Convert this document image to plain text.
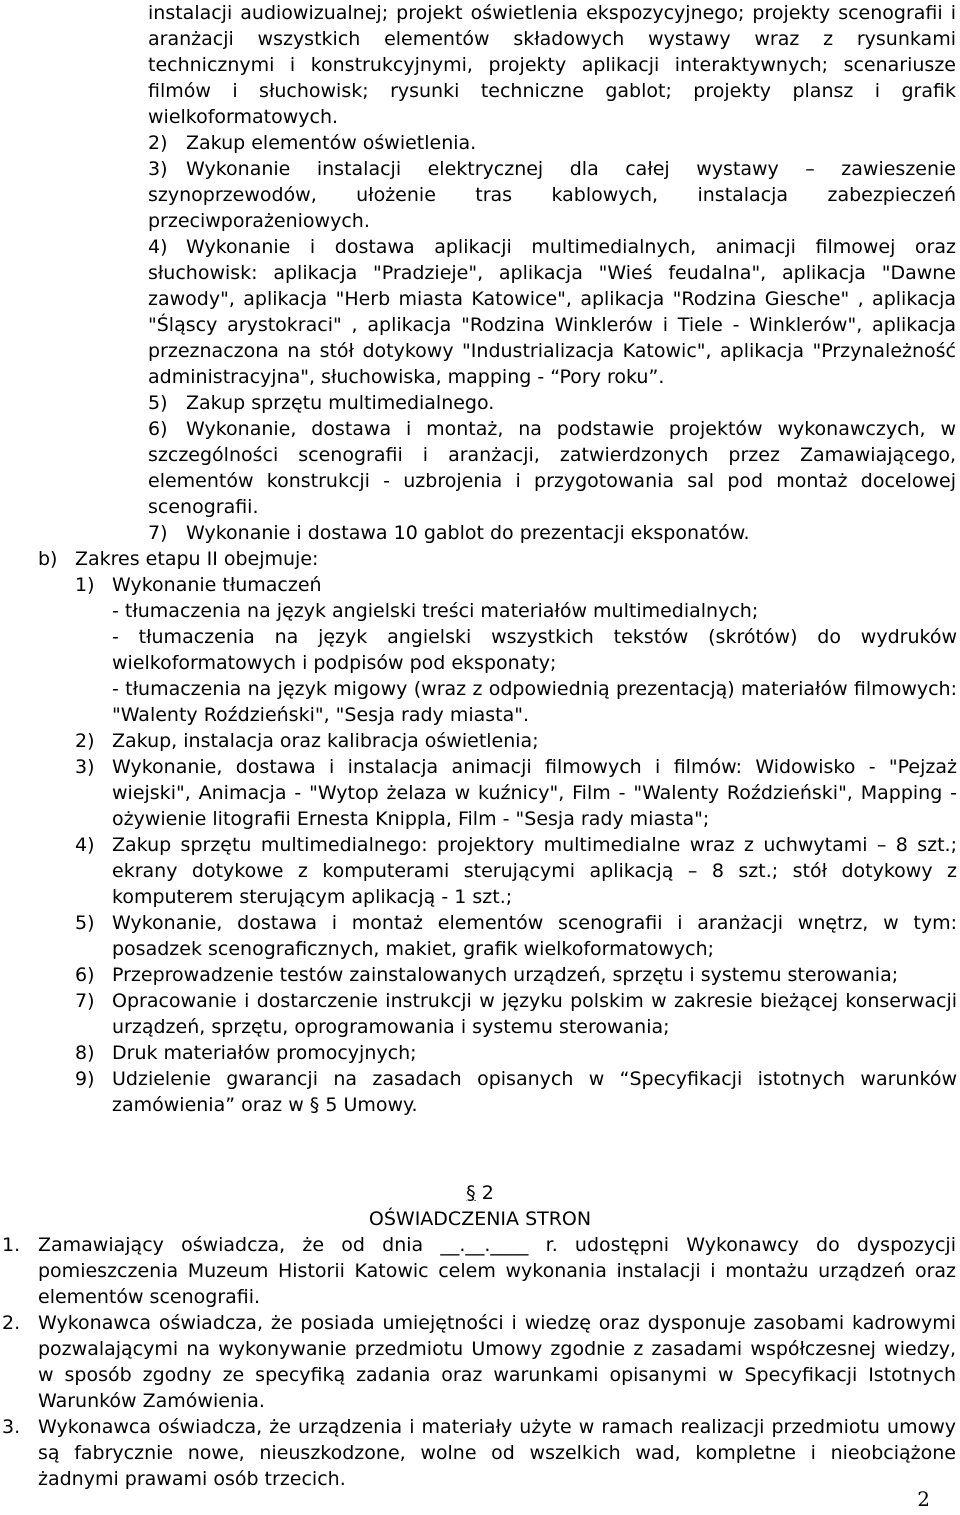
instalacji audiowizualnej; projekt oświetlenia ekspozycyjnego; projekty scenografii i aranżacji wszystkich elementów składowych wystawy wraz z rysunkami technicznymi i konstrukcyjnymi, projekty aplikacji interaktywnych; scenariusze filmów i słuchowisk; rysunki techniczne gablot; projekty plansz i grafik wielkoformatowych.
2) Zakup elementów oświetlenia.
3) Wykonanie instalacji elektrycznej dla całej wystawy – zawieszenie szynoprzewodów, ułożenie tras kablowych, instalacja zabezpieczeń przeciwporażeniowych.
4) Wykonanie i dostawa aplikacji multimedialnych, animacji filmowej oraz słuchowisk: aplikacja "Pradzieje", aplikacja "Wieś feudalna", aplikacja "Dawne zawody", aplikacja "Herb miasta Katowice", aplikacja "Rodzina Giesche" , aplikacja "Śląscy arystokraci" , aplikacja "Rodzina Winklerów i Tiele - Winklerów", aplikacja przeznaczona na stół dotykowy "Industrializacja Katowic", aplikacja "Przynależność administracyjna", słuchowiska, mapping - “Pory roku”.
5) Zakup sprzętu multimedialnego.
6) Wykonanie, dostawa i montaż, na podstawie projektów wykonawczych, w szczególności scenografii i aranżacji, zatwierdzonych przez Zamawiającego, elementów konstrukcji - uzbrojenia i przygotowania sal pod montaż docelowej scenografii.
7) Wykonanie i dostawa 10 gablot do prezentacji eksponatów.
b) Zakres etapu II obejmuje:
1) Wykonanie tłumaczeń
- tłumaczenia na język angielski treści materiałów multimedialnych;
- tłumaczenia na język angielski wszystkich tekstów (skrótów) do wydruków wielkoformatowych i podpisów pod eksponaty;
- tłumaczenia na język migowy (wraz z odpowiednią prezentacją) materiałów filmowych: "Walenty Roździeński", "Sesja rady miasta".
2) Zakup, instalacja oraz kalibracja oświetlenia;
3) Wykonanie, dostawa i instalacja animacji filmowych i filmów: Widowisko - "Pejzaż wiejski", Animacja - "Wytop żelaza w kuźnicy", Film - "Walenty Roździeński", Mapping - ożywienie litografii Ernesta Knippla, Film - "Sesja rady miasta";
4) Zakup sprzętu multimedialnego: projektory multimedialne wraz z uchwytami – 8 szt.; ekrany dotykowe z komputerami sterującymi aplikacją – 8 szt.; stół dotykowy z komputerem sterującym aplikacją - 1 szt.;
5) Wykonanie, dostawa i montaż elementów scenografii i aranżacji wnętrz, w tym: posadzek scenograficznych, makiet, grafik wielkoformatowych;
6) Przeprowadzenie testów zainstalowanych urządzeń, sprzętu i systemu sterowania;
7) Opracowanie i dostarczenie instrukcji w języku polskim w zakresie bieżącej konserwacji urządzeń, sprzętu, oprogramowania i systemu sterowania;
8) Druk materiałów promocyjnych;
9) Udzielenie gwarancji na zasadach opisanych w “Specyfikacji istotnych warunków zamówienia” oraz w § 5 Umowy.
§ 2
OŚWIADCZENIA STRON
1. Zamawiający oświadcza, że od dnia __.__.____ r. udostępni Wykonawcy do dyspozycji pomieszczenia Muzeum Historii Katowic celem wykonania instalacji i montażu urządzeń oraz elementów scenografii.
2. Wykonawca oświadcza, że posiada umiejętności i wiedzę oraz dysponuje zasobami kadrowymi pozwalającymi na wykonywanie przedmiotu Umowy zgodnie z zasadami współczesnej wiedzy, w sposób zgodny ze specyfiką zadania oraz warunkami opisanymi w Specyfikacji Istotnych Warunków Zamówienia.
3. Wykonawca oświadcza, że urządzenia i materiały użyte w ramach realizacji przedmiotu umowy są fabrycznie nowe, nieuszkodzone, wolne od wszelkich wad, kompletne i nieobciążone żadnymi prawami osób trzecich.
2
